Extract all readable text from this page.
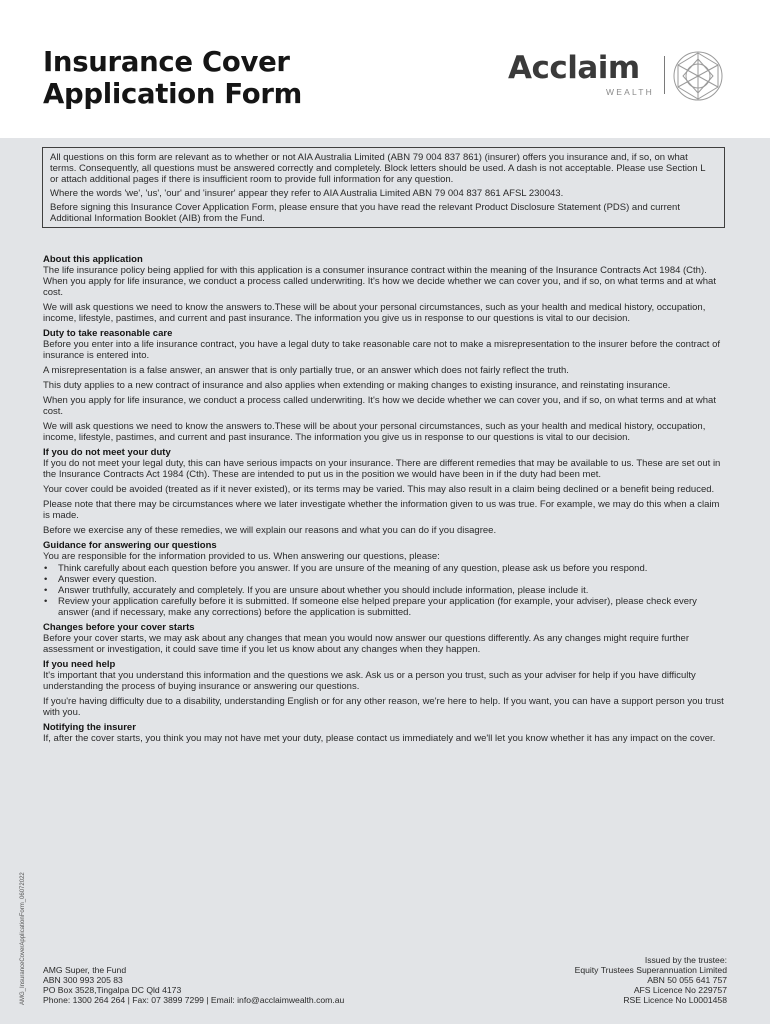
Insurance Cover
Application Form
Acclaim
WEALTH

All questions on this form are relevant as to whether or not AIA Australia Limited (ABN 79 004 837 861) (insurer) offers you insurance and, if so, on what terms. Consequently, all questions must be answered correctly and completely. Block letters should be used. A dash is not acceptable. Please use Section L or attach additional pages if there is insufficient room to provide full information for any question.

Where the words 'we', 'us', 'our' and 'insurer' appear they refer to AIA Australia Limited ABN 79 004 837 861 AFSL 230043.

Before signing this Insurance Cover Application Form, please ensure that you have read the relevant Product Disclosure Statement (PDS) and current Additional Information Booklet (AIB) from the Fund.

About this application

The life insurance policy being applied for with this application is a consumer insurance contract within the meaning of the Insurance Contracts Act 1984 (Cth). When you apply for life insurance, we conduct a process called underwriting. It's how we decide whether we can cover you, and if so, on what terms and at what cost.

We will ask questions we need to know the answers to.These will be about your personal circumstances, such as your health and medical history, occupation, income, lifestyle, pastimes, and current and past insurance. The information you give us in response to our questions is vital to our decision.

Duty to take reasonable care

Before you enter into a life insurance contract, you have a legal duty to take reasonable care not to make a misrepresentation to the insurer before the contract of insurance is entered into.

A misrepresentation is a false answer, an answer that is only partially true, or an answer which does not fairly reflect the truth.

This duty applies to a new contract of insurance and also applies when extending or making changes to existing insurance, and reinstating insurance.

When you apply for life insurance, we conduct a process called underwriting. It's how we decide whether we can cover you, and if so, on what terms and at what cost.

We will ask questions we need to know the answers to.These will be about your personal circumstances, such as your health and medical history, occupation, income, lifestyle, pastimes, and current and past insurance. The information you give us in response to our questions is vital to our decision.

If you do not meet your duty

If you do not meet your legal duty, this can have serious impacts on your insurance. There are different remedies that may be available to us. These are set out in the Insurance Contracts Act 1984 (Cth). These are intended to put us in the position we would have been in if the duty had been met.

Your cover could be avoided (treated as if it never existed), or its terms may be varied. This may also result in a claim being declined or a benefit being reduced.

Please note that there may be circumstances where we later investigate whether the information given to us was true. For example, we may do this when a claim is made.

Before we exercise any of these remedies, we will explain our reasons and what you can do if you disagree.

Guidance for answering our questions

You are responsible for the information provided to us. When answering our questions, please:

• Think carefully about each question before you answer. If you are unsure of the meaning of any question, please ask us before you respond.
• Answer every question.
• Answer truthfully, accurately and completely. If you are unsure about whether you should include information, please include it.
• Review your application carefully before it is submitted. If someone else helped prepare your application (for example, your adviser), please check every answer (and if necessary, make any corrections) before the application is submitted.
Changes before your cover starts

Before your cover starts, we may ask about any changes that mean you would now answer our questions differently. As any changes might require further assessment or investigation, it could save time if you let us know about any changes when they happen.

If you need help

It's important that you understand this information and the questions we ask. Ask us or a person you trust, such as your adviser for help if you have difficulty understanding the process of buying insurance or answering our questions.

If you're having difficulty due to a disability, understanding English or for any other reason, we're here to help. If you want, you can have a support person you trust with you.

Notifying the insurer

If, after the cover starts, you think you may not have met your duty, please contact us immediately and we'll let you know whether it has any impact on the cover.

AMG_InsuranceCoverApplicationForm_06072022 AMG Super, the Fund
ABN 300 993 205 83
PO Box 3528,Tingalpa DC Qld 4173
Phone: 1300 264 264 | Fax: 07 3899 7299 | Email: info@acclaimwealth.com.au
Issued by the trustee:
Equity Trustees Superannuation Limited
ABN 50 055 641 757
AFS Licence No 229757
RSE Licence No L0001458
